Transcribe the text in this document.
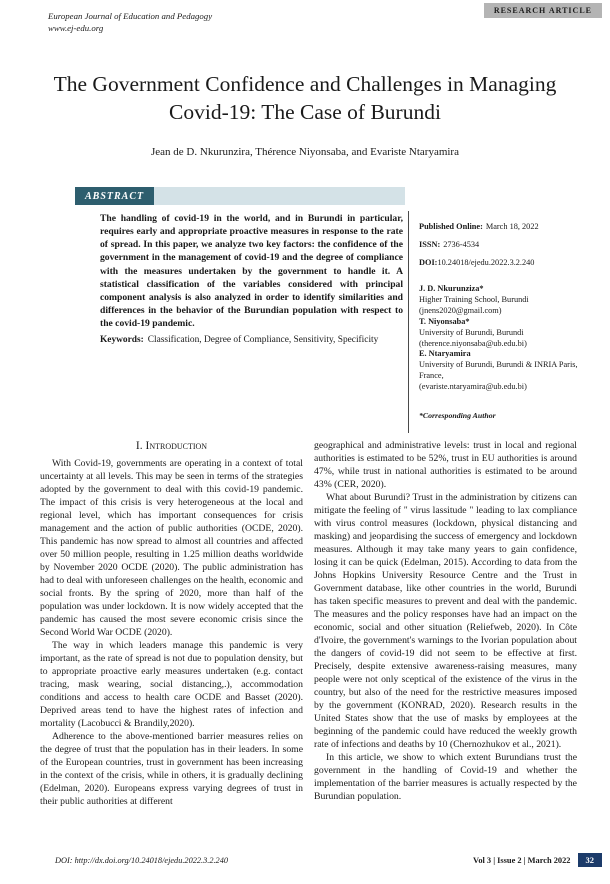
European Journal of Education and Pedagogy
www.ej-edu.org
RESEARCH ARTICLE
The Government Confidence and Challenges in Managing Covid-19: The Case of Burundi
Jean de D. Nkurunzira, Thérence Niyonsaba, and Evariste Ntaryamira
ABSTRACT
The handling of covid-19 in the world, and in Burundi in particular, requires early and appropriate proactive measures in response to the rate of spread. In this paper, we analyze two key factors: the confidence of the government in the management of covid-19 and the degree of compliance with the measures undertaken by the government to handle it. A statistical classification of the variables considered with principal component analysis is also analyzed in order to identify similarities and differences in the behavior of the Burundian population with respect to the covid-19 pandemic.
Keywords: Classification, Degree of Compliance, Sensitivity, Specificity
Published Online: March 18, 2022
ISSN: 2736-4534
DOI:10.24018/ejedu.2022.3.2.240
J. D. Nkurunziza*
Higher Training School, Burundi
(jnens2020@gmail.com)
T. Niyonsaba*
University of Burundi, Burundi
(therence.niyonsaba@ub.edu.bi)
E. Ntaryamira
University of Burundi, Burundi & INRIA Paris, France,
(evariste.ntaryamira@ub.edu.bi)
*Corresponding Author
I. Introduction

With Covid-19, governments are operating in a context of total uncertainty at all levels. This may be seen in terms of the strategies adopted by the government to deal with this covid-19 pandemic. The impact of this crisis is very heterogeneous at the local and regional level, which has important consequences for crisis management and the action of public authorities (OCDE, 2020). This pandemic has now spread to almost all countries and affected over 50 million people, resulting in 1.25 million deaths worldwide by November 2020 OCDE (2020). The public administration has had to deal with unforeseen challenges on the health, economic and social fronts. By the spring of 2020, more than half of the population was under lockdown. It is now widely accepted that the pandemic has caused the most severe economic crisis since the Second World War OCDE (2020).

The way in which leaders manage this pandemic is very important, as the rate of spread is not due to population density, but to appropriate proactive early measures undertaken (e.g. contact tracing, mask wearing, social distancing,.), accommodation conditions and access to health care OCDE and Basset (2020). Deprived areas tend to have the highest rates of infection and mortality (Lacobucci & Brandily,2020).

Adherence to the above-mentioned barrier measures relies on the degree of trust that the population has in their leaders. In some of the European countries, trust in government has been increasing in the context of the crisis, while in others, it is gradually declining (Edelman, 2020). Europeans express varying degrees of trust in their public authorities at different

geographical and administrative levels: trust in local and regional authorities is estimated to be 52%, trust in EU authorities is around 47%, while trust in national authorities is estimated to be around 43% (CER, 2020).

What about Burundi? Trust in the administration by citizens can mitigate the feeling of " virus lassitude " leading to lax compliance with virus control measures (lockdown, physical distancing and masking) and jeopardising the success of emergency and lockdown measures. Although it may take many years to gain confidence, losing it can be quick (Edelman, 2015). According to data from the Johns Hopkins University Resource Centre and the Trust in Government database, like other countries in the world, Burundi has taken specific measures to prevent and deal with the pandemic. The measures and the policy responses have had an impact on the economic, social and other situation (Reliefweb, 2020). In Côte d'Ivoire, the government's warnings to the Ivorian population about the dangers of covid-19 did not seem to be effective at first. Precisely, despite extensive awareness-raising measures, many people were not only sceptical of the existence of the virus in the country, but also of the need for the restrictive measures imposed by the government (KONRAD, 2020). Research results in the United States show that the use of masks by employees at the beginning of the pandemic could have reduced the weekly growth rate of infections and deaths by 10 (Chernozhukov et al., 2021).

In this article, we show to which extent Burundians trust the government in the handling of Covid-19 and whether the implementation of the barrier measures is actually respected by the Burundian population.

DOI: http://dx.doi.org/10.24018/ejedu.2022.3.2.240	Vol 3 | Issue 2 | March 2022	32
